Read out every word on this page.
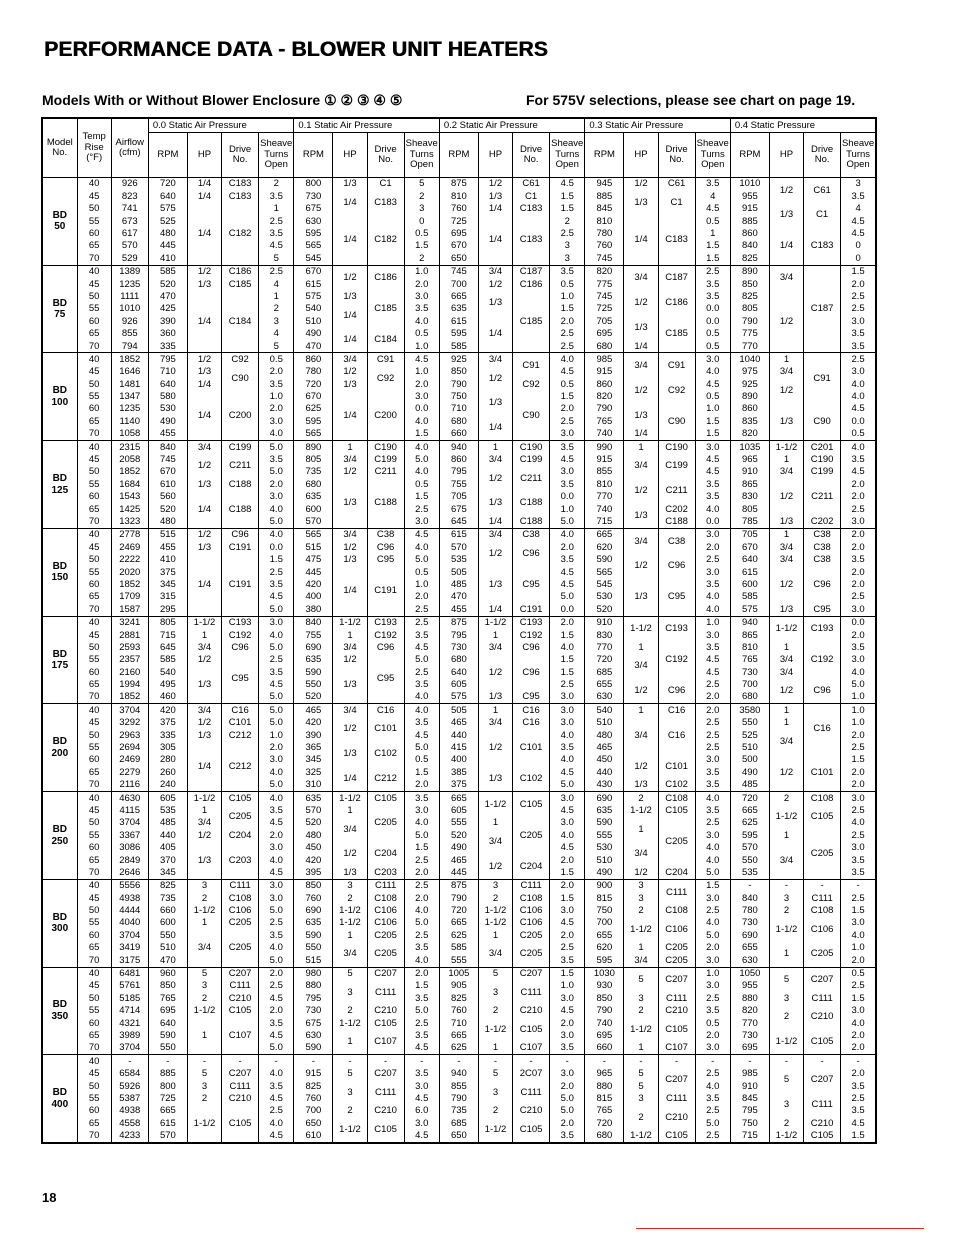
PERFORMANCE DATA - BLOWER UNIT HEATERS
Models With or Without Blower Enclosure ① ② ③ ④ ⑤	For 575V selections, please see chart on page 19.
Model No.	Temp Rise (°F)	Airflow (cfm)	0.0 Static Air Pressure				0.1 Static Air Pressure				0.2 Static Air Pressure				0.3 Static Air Pressure				0.4 Static Pressure			
			RPM	HP	Drive No.	Sheave Turns Open	RPM	HP	Drive No.	Sheave Turns Open	RPM	HP	Drive No.	Sheave Turns Open	RPM	HP	Drive No.	Sheave Turns Open	RPM	HP	Drive No.	Sheave Turns Open
BD
50	40	926	720	1/4	C183	2	800	1/3	C1	5	875	1/2	C61	4.5	945	1/2	C61	3.5	1010	1/2	C61	3
	45	823	640	1/4	C183	3.5	730	1/4	C183	2	810	1/3	C1	1.5	885	1/3	C1	4	955			3.5
	50	741	575	1/4	C182	1	675			3	760	1/4	C183	1.5	845			4.5	915	1/3	C1	4
	55	673	525			2.5	630	1/4	C182	0	725	1/4	C183	2	810	1/4	C183	0.5	885			4.5
	60	617	480			3.5	595			0.5	695			2.5	780			1	860	1/4	C183	4.5
	65	570	445			4.5	565			1.5	670			3	760			1.5	840			0
	70	529	410			5	545			2	650			3	745			1.5	825			0
BD
75	40	1389	585	1/2	C186	2.5	670	1/2	C186	1.0	745	3/4	C187	3.5	820	3/4	C187	2.5	890	3/4	C187	1.5
	45	1235	520	1/3	C185	4	615			2.0	700	1/2	C186	0.5	775			3.5	850			2.0
	50	1111	470	1/4	C184	1	575	1/3	C185	3.0	665	1/3	C185	1.0	745	1/2	C186	3.5	825	1/2		2.5
	55	1010	425			2	540	1/4		3.5	635			1.5	725			0.0	805			2.5
	60	926	390			3	510			4.0	615	1/4		2.0	705	1/3	C185	0.0	790			3.0
	65	855	360			4	490	1/4	C184	0.5	595			2.5	695			0.5	775			3.5
	70	794	335			5	470			1.0	585			2.5	680	1/4		0.5	770			3.5
BD
100	40	1852	795	1/2	C92	0.5	860	3/4	C91	4.5	925	3/4	C91	4.0	985	3/4	C91	3.0	1040	1	C91	2.5
	45	1646	710	1/3	C90	2.0	780	1/2	C92	1.0	850	1/2		4.5	915			4.0	975	3/4		3.0
	50	1481	640	1/4		3.5	720	1/3		2.0	790		C92	0.5	860	1/2	C92	4.5	925	1/2		4.0
	55	1347	580	1/4	C200	1.0	670	1/4	C200	3.0	750	1/3	C90	1.5	820			0.5	890			4.0
	60	1235	530			2.0	625			0.0	710			2.0	790	1/3	C90	1.0	860	1/3	C90	4.5
	65	1140	490			3.0	595			4.0	680	1/4		2.5	765			1.5	835			0.0
	70	1058	455			4.0	565			1.5	660			3.0	740	1/4		1.5	820			0.5
BD
125	40	2315	840	3/4	C199	5.0	890	1	C190	4.0	940	1	C190	3.5	990	1	C190	3.0	1035	1-1/2	C201	4.0
	45	2058	745	1/2	C211	3.5	805	3/4	C199	5.0	860	3/4	C199	4.5	915	3/4	C199	4.5	965	1	C190	3.5
	50	1852	670			5.0	735	1/2	C211	4.0	795	1/2	C211	3.0	855			4.5	910	3/4	C199	4.5
	55	1684	610	1/3	C188	2.0	680	1/3	C188	0.5	755			3.5	810	1/2	C211	3.5	865	1/2	C211	2.0
	60	1543	560	1/4	C188	3.0	635			1.5	705	1/3	C188	0.0	770			3.5	830			2.0
	65	1425	520			4.0	600			2.5	675			1.0	740	1/3	C202	4.0	805			2.5
	70	1323	480			5.0	570			3.0	645	1/4	C188	5.0	715		C188	0.0	785	1/3	C202	3.0
BD
150	40	2778	515	1/2	C96	4.0	565	3/4	C38	4.5	615	3/4	C38	4.0	665	3/4	C38	3.0	705	1	C38	2.0
	45	2469	455	1/3	C191	0.0	515	1/2	C96	4.0	570	1/2	C96	2.0	620			2.0	670	3/4	C38	2.0
	50	2222	410	1/4	C191	1.5	475	1/3	C95	5.0	535			3.5	590	1/2	C96	2.5	640	3/4	C38	3.5
	55	2020	375			2.5	445	1/4	C191	0.5	505	1/3	C95	4.5	565			3.0	615	1/2	C96	2.0
	60	1852	345			3.5	420			1.0	485			4.5	545	1/3	C95	3.5	600			2.0
	65	1709	315			4.5	400			2.0	470			5.0	530			4.0	585			2.5
	70	1587	295			5.0	380			2.5	455	1/4	C191	0.0	520			4.0	575	1/3	C95	3.0
BD
175	40	3241	805	1-1/2	C193	3.0	840	1-1/2	C193	2.5	875	1-1/2	C193	2.0	910	1-1/2	C193	1.0	940	1-1/2	C193	0.0
	45	2881	715	1	C192	4.0	755	1	C192	3.5	795	1	C192	1.5	830			3.0	865			2.0
	50	2593	645	3/4	C96	5.0	690	3/4	C96	4.5	730	3/4	C96	4.0	770	1	C192	3.5	810	1	C192	3.5
	55	2357	585	1/2	C95	2.5	635	1/2	C95	5.0	680	1/2	C96	1.5	720	3/4		4.5	765	3/4		3.0
	60	2160	540	1/3		3.5	590	1/3		2.5	640			1.5	685			4.5	730	3/4		4.0
	65	1994	495			4.5	550			3.5	605			2.5	655	1/2	C96	2.5	700	1/2	C96	5.0
	70	1852	460			5.0	520			4.0	575	1/3	C95	3.0	630			2.0	680			1.0
BD
200	40	3704	420	3/4	C16	5.0	465	3/4	C16	4.0	505	1	C16	3.0	540	1	C16	2.0	3580	1	C16	1.0
	45	3292	375	1/2	C101	5.0	420	1/2	C101	3.5	465	3/4	C16	3.0	510	3/4	C16	2.5	550	1		1.0
	50	2963	335	1/3	C212	1.0	390			4.5	440	1/2	C101	4.0	480			2.5	525	3/4		2.0
	55	2694	305	1/4	C212	2.0	365	1/3	C102	5.0	415			3.5	465			2.5	510			2.5
	60	2469	280			3.0	345			0.5	400			4.0	450	1/2	C101	3.0	500	1/2	C101	1.5
	65	2279	260			4.0	325	1/4	C212	1.5	385	1/3	C102	4.5	440			3.5	490			2.0
	70	2116	240			5.0	310			2.0	375			5.0	430	1/3	C102	3.5	485			2.0
BD
250	40	4630	605	1-1/2	C105	4.0	635	1-1/2	C105	3.5	665	1-1/2	C105	3.0	690	2	C108	4.0	720	2	C108	3.0
	45	4115	535	1	C205	3.5	570	1	C205	3.0	605			4.5	635	1-1/2	C105	3.5	665	1-1/2	C105	2.5
	50	3704	485	3/4		4.5	520	3/4		4.0	555	1	C205	3.0	590	1	C205	2.5	625			4.0
	55	3367	440	1/2	C204	2.0	480			5.0	520	3/4		4.0	555			3.0	595	1	C205	2.5
	60	3086	405	1/3	C203	3.0	450	1/2	C204	1.5	490			4.5	530	3/4		4.0	570	3/4		3.0
	65	2849	370			4.0	420			2.5	465	1/2	C204	2.0	510			4.0	550			3.5
	70	2646	345			4.5	395	1/3	C203	2.0	445			1.5	490	1/2	C204	5.0	535			3.5
BD
300	40	5556	825	3	C111	3.0	850	3	C111	2.5	875	3	C111	2.0	900	3	C111	1.5	-	-	-	-
	45	4938	735	2	C108	3.0	760	2	C108	2.0	790	2	C108	1.5	815	3		3.0	840	3	C111	2.5
	50	4444	660	1-1/2	C106	5.0	690	1-1/2	C106	4.0	720	1-1/2	C106	3.0	750	2	C108	2.5	780	2	C108	1.5
	55	4040	600	1	C205	2.5	635	1-1/2	C106	5.0	665	1-1/2	C106	4.5	700	1-1/2	C106	4.0	730	1-1/2	C106	3.0
	60	3704	550	3/4	C205	3.5	590	1	C205	2.5	625	1	C205	2.0	655			5.0	690			4.0
	65	3419	510			4.0	550	3/4	C205	3.5	585	3/4	C205	2.5	620	1	C205	2.0	655	1	C205	1.0
	70	3175	470			5.0	515			4.0	555			3.5	595	3/4	C205	3.0	630			2.0
BD
350	40	6481	960	5	C207	2.0	980	5	C207	2.0	1005	5	C207	1.5	1030	5	C207	1.0	1050	5	C207	0.5
	45	5761	850	3	C111	2.5	880	3	C111	1.5	905	3	C111	1.0	930			3.0	955			2.5
	50	5185	765	2	C210	4.5	795			3.5	825			3.0	850	3	C111	2.5	880	3	C111	1.5
	55	4714	695	1-1/2	C105	2.0	730	2	C210	5.0	760	2	C210	4.5	790	2	C210	3.5	820	2	C210	3.0
	60	4321	640	1	C107	3.5	675	1-1/2	C105	2.5	710	1-1/2	C105	2.0	740	1-1/2	C105	0.5	770			4.0
	65	3989	590			4.5	630	1	C107	3.5	665			3.0	695			2.0	730	1-1/2	C105	2.0
	70	3704	550			5.0	590			4.5	625	1	C107	3.5	660	1	C107	3.0	695			2.0
BD
400	40	-	-	-	-	-	-	-	-	-	-	-	-	-	-	-	-	-	-	-	-	-
	45	6584	885	5	C207	4.0	915	5	C207	3.5	940	5	2C07	3.0	965	5	C207	2.5	985	5	C207	2.0
	50	5926	800	3	C111	3.5	825	3	C111	3.0	855	3	C111	2.0	880	5		4.0	910			3.5
	55	5387	725	2	C210	4.5	760			4.5	790			5.0	815	3	C111	3.5	845	3	C111	2.5
	60	4938	665	1-1/2	C105	2.5	700	2	C210	6.0	735	2	C210	5.0	765	2	C210	2.5	795			3.5
	65	4558	615			4.0	650	1-1/2	C105	3.0	685	1-1/2	C105	2.0	720			5.0	750	2	C210	4.5
	70	4233	570			4.5	610			4.5	650			3.5	680	1-1/2	C105	2.5	715	1-1/2	C105	1.5
18
